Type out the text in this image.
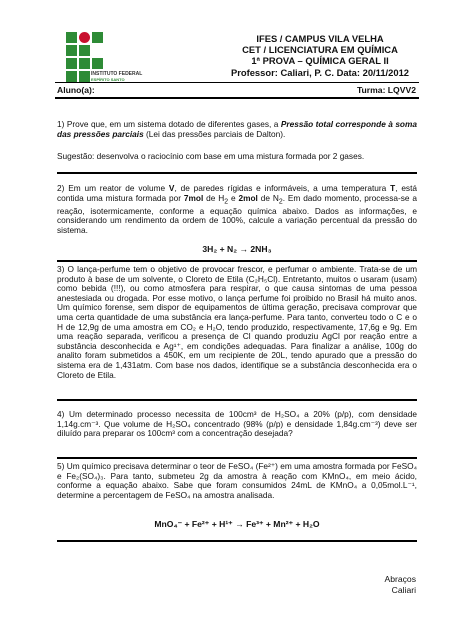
INSTITUTO FEDERAL
ESPÍRITO SANTO
IFES / CAMPUS VILA VELHA
CET / LICENCIATURA EM QUÍMICA
1ª PROVA – QUÍMICA GERAL II
Professor: Caliari, P. C. Data: 20/11/2012
Aluno(a):	Turma: LQVV2
1) Prove que, em um sistema dotado de diferentes gases, a Pressão total corresponde à soma das pressões parciais (Lei das pressões parciais de Dalton).
Sugestão: desenvolva o raciocínio com base em uma mistura formada por 2 gases.
2) Em um reator de volume V, de paredes rígidas e informáveis, a uma temperatura T, está contida uma mistura formada por 7mol de $H_2$ e 2mol de $N_2$. Em dado momento, processa-se a reação, isotermicamente, conforme a equação química abaixo. Dados as informações, e considerando um rendimento da ordem de 100%, calcule a variação percentual da pressão do sistema.
3H₂ + N₂ → 2NH₃
3) O lança-perfume tem o objetivo de provocar frescor, e perfumar o ambiente. Trata-se de um produto à base de um solvente, o Cloreto de Etila (C₂H₅Cl). Entretanto, muitos o usaram (usam) como bebida (!!!), ou como atmosfera para respirar, o que causa sintomas de uma pessoa anestesiada ou drogada. Por esse motivo, o lança perfume foi proibido no Brasil há muito anos. Um químico forense, sem dispor de equipamentos de última geração, precisava comprovar que uma certa quantidade de uma substância era lança-perfume. Para tanto, converteu todo o C e o H de 12,9g de uma amostra em CO₂ e H₂O, tendo produzido, respectivamente, 17,6g e 9g. Em uma reação separada, verificou a presença de Cl quando produziu AgCl por reação entre a substância desconhecida e Ag¹⁺, em condições adequadas. Para finalizar a análise, 100g do analito foram submetidos a 450K, em um recipiente de 20L, tendo apurado que a pressão do sistema era de 1,431atm. Com base nos dados, identifique se a substância desconhecida era o Cloreto de Etila.
4) Um determinado processo necessita de 100cm³ de H₂SO₄ a 20% (p/p), com densidade 1,14g.cm⁻³. Que volume de H₂SO₄ concentrado (98% (p/p) e densidade 1,84g.cm⁻³) deve ser diluído para preparar os 100cm³ com a concentração desejada?
5) Um químico precisava determinar o teor de FeSO₄ (Fe²⁺) em uma amostra formada por FeSO₄ e Fe₂(SO₄)₃. Para tanto, submeteu 2g da amostra à reação com KMnO₄, em meio ácido, conforme a equação abaixo. Sabe que foram consumidos 24mL de KMnO₄ a 0,05mol.L⁻¹, determine a percentagem de FeSO₄ na amostra analisada.
MnO₄⁻ + Fe²⁺ + H¹⁺ → Fe³⁺ + Mn²⁺ + H₂O
Abraços
Caliari
